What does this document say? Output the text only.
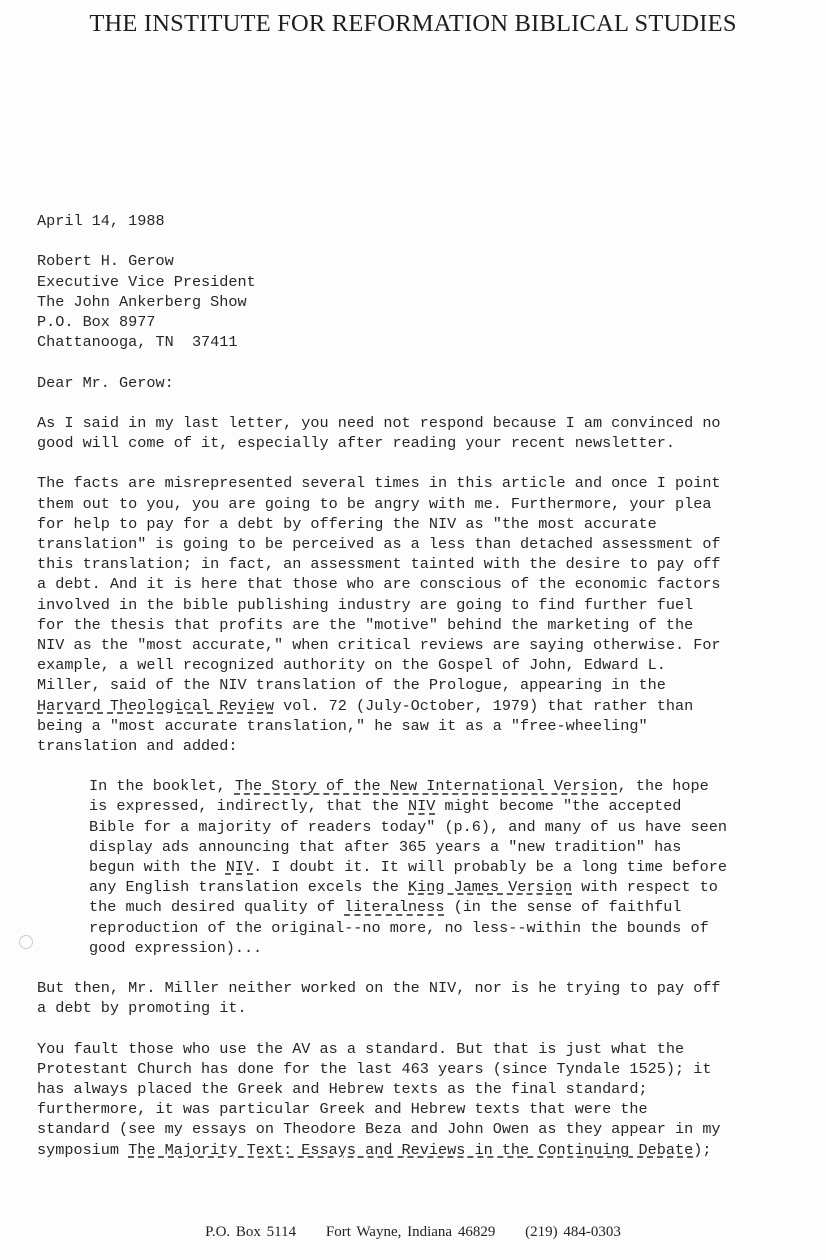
THE INSTITUTE FOR REFORMATION BIBLICAL STUDIES
April 14, 1988
Robert H. Gerow
Executive Vice President
The John Ankerberg Show
P.O. Box 8977
Chattanooga, TN  37411
Dear Mr. Gerow:
As I said in my last letter, you need not respond because I am convinced no
good will come of it, especially after reading your recent newsletter.
The facts are misrepresented several times in this article and once I point
them out to you, you are going to be angry with me. Furthermore, your plea
for help to pay for a debt by offering the NIV as "the most accurate
translation" is going to be perceived as a less than detached assessment of
this translation; in fact, an assessment tainted with the desire to pay off
a debt. And it is here that those who are conscious of the economic factors
involved in the bible publishing industry are going to find further fuel
for the thesis that profits are the "motive" behind the marketing of the
NIV as the "most accurate," when critical reviews are saying otherwise. For
example, a well recognized authority on the Gospel of John, Edward L.
Miller, said of the NIV translation of the Prologue, appearing in the
Harvard Theological Review vol. 72 (July-October, 1979) that rather than
being a "most accurate translation," he saw it as a "free-wheeling"
translation and added:
In the booklet, The Story of the New International Version, the hope
is expressed, indirectly, that the NIV might become "the accepted
Bible for a majority of readers today" (p.6), and many of us have seen
display ads announcing that after 365 years a "new tradition" has
begun with the NIV. I doubt it. It will probably be a long time before
any English translation excels the King James Version with respect to
the much desired quality of literalness (in the sense of faithful
reproduction of the original--no more, no less--within the bounds of
good expression)...
But then, Mr. Miller neither worked on the NIV, nor is he trying to pay off
a debt by promoting it.
You fault those who use the AV as a standard. But that is just what the
Protestant Church has done for the last 463 years (since Tyndale 1525); it
has always placed the Greek and Hebrew texts as the final standard;
furthermore, it was particular Greek and Hebrew texts that were the
standard (see my essays on Theodore Beza and John Owen as they appear in my
symposium The Majority Text: Essays and Reviews in the Continuing Debate);
P.O. Box 5114 Fort Wayne, Indiana 46829 (219) 484-0303
